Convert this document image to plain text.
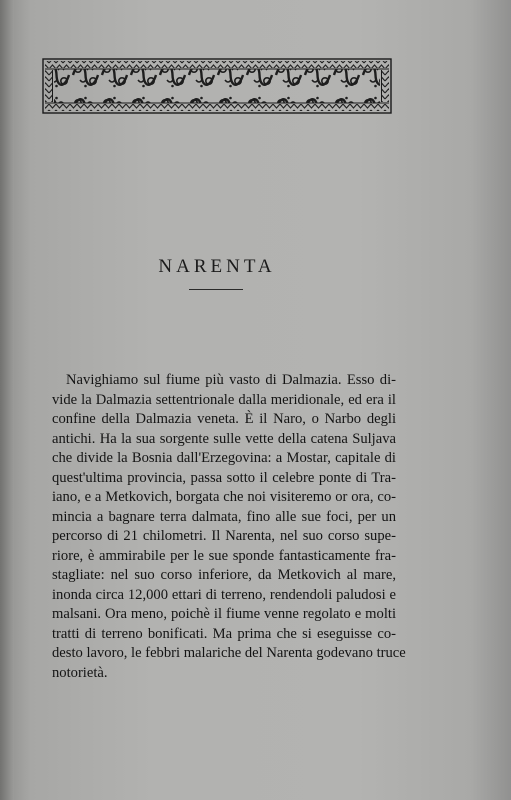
NARENTA
Navighiamo sul fiume più vasto di Dalmazia. Esso di-
vide la Dalmazia settentrionale dalla meridionale, ed era il
confine della Dalmazia veneta. È il Naro, o Narbo degli
antichi. Ha la sua sorgente sulle vette della catena Suljava
che divide la Bosnia dall'Erzegovina: a Mostar, capitale di
quest'ultima provincia, passa sotto il celebre ponte di Tra-
iano, e a Metkovich, borgata che noi visiteremo or ora, co-
mincia a bagnare terra dalmata, fino alle sue foci, per un
percorso di 21 chilometri. Il Narenta, nel suo corso supe-
riore, è ammirabile per le sue sponde fantasticamente fra-
stagliate: nel suo corso inferiore, da Metkovich al mare,
inonda circa 12,000 ettari di terreno, rendendoli paludosi e
malsani. Ora meno, poichè il fiume venne regolato e molti
tratti di terreno bonificati. Ma prima che si eseguisse co-
desto lavoro, le febbri malariche del Narenta godevano truce
notorietà.
